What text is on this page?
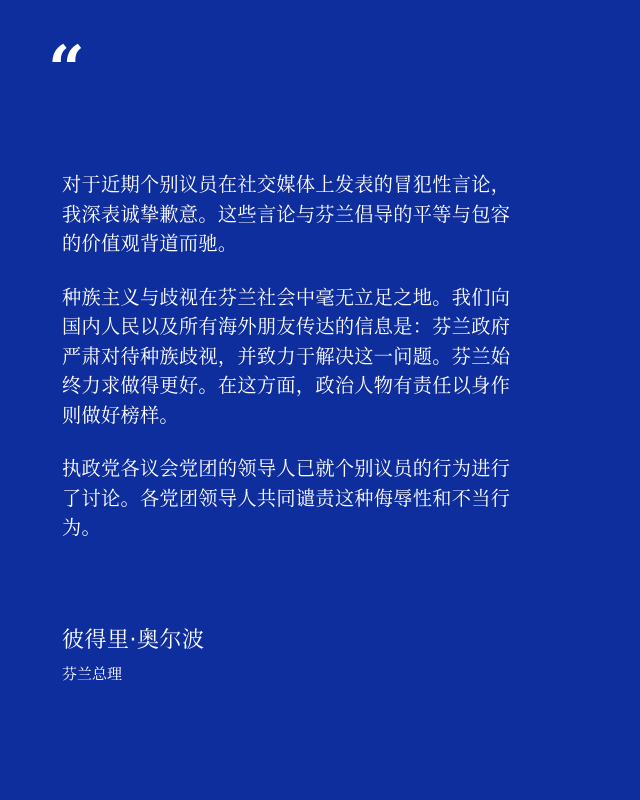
“

对于近期个别议员在社交媒体上发表的冒犯性言论，
我深表诚挚歉意。这些言论与芬兰倡导的平等与包容
的价值观背道而驰。

种族主义与歧视在芬兰社会中毫无立足之地。我们向
国内人民以及所有海外朋友传达的信息是：芬兰政府
严肃对待种族歧视，并致力于解决这一问题。芬兰始
终力求做得更好。在这方面，政治人物有责任以身作
则做好榜样。

执政党各议会党团的领导人已就个别议员的行为进行
了讨论。各党团领导人共同谴责这种侮辱性和不当行
为。

彼得里·奥尔波
芬兰总理
